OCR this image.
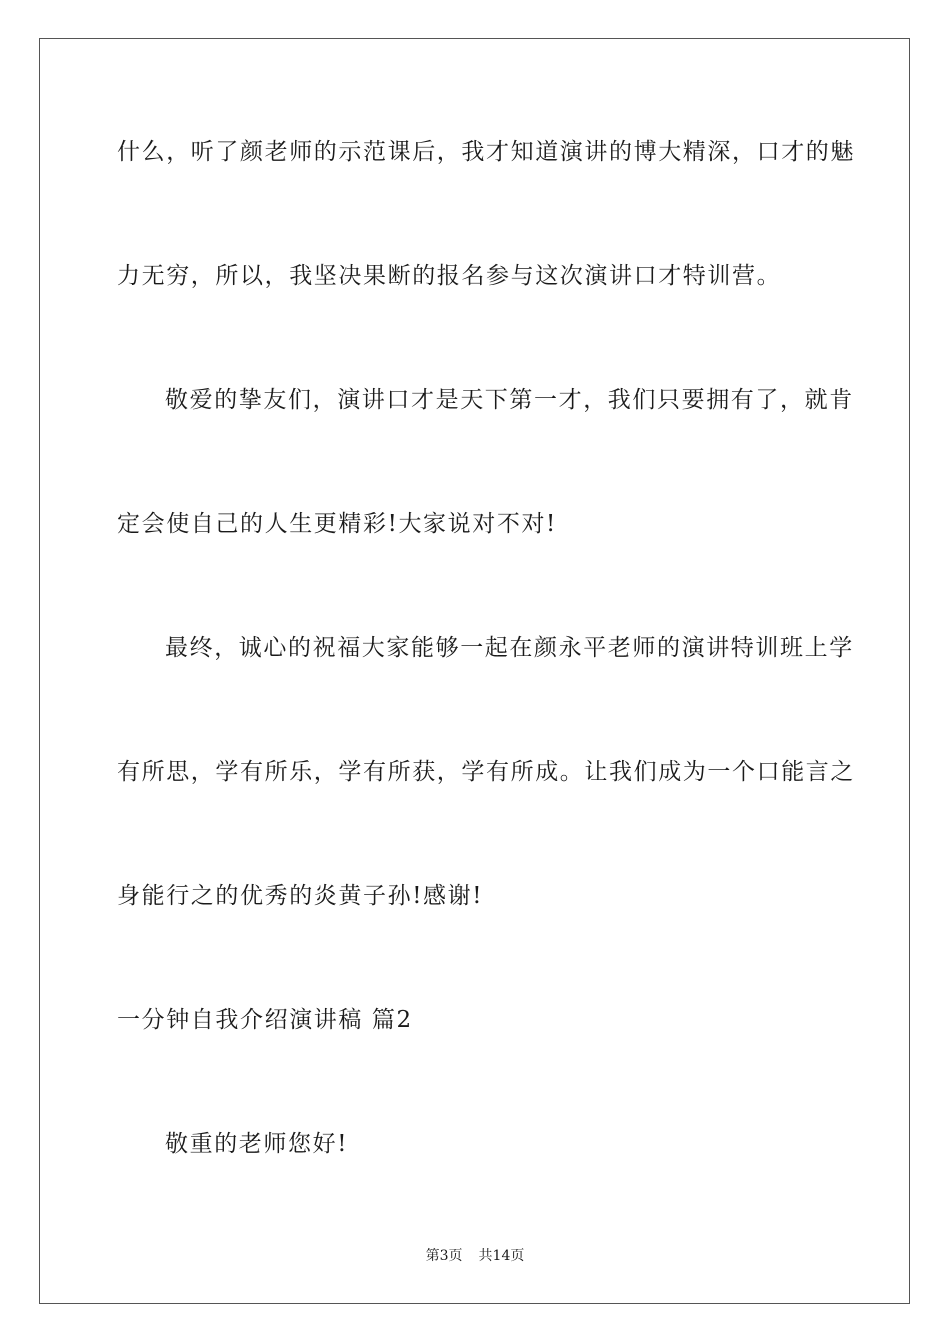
什么，听了颜老师的示范课后，我才知道演讲的博大精深，口才的魅
力无穷，所以，我坚决果断的报名参与这次演讲口才特训营。
敬爱的挚友们，演讲口才是天下第一才，我们只要拥有了，就肯
定会使自己的人生更精彩!大家说对不对!
最终，诚心的祝福大家能够一起在颜永平老师的演讲特训班上学
有所思，学有所乐，学有所获，学有所成。让我们成为一个口能言之
身能行之的优秀的炎黄子孙!感谢!
一分钟自我介绍演讲稿 篇2
敬重的老师您好!
第3页 共14页
